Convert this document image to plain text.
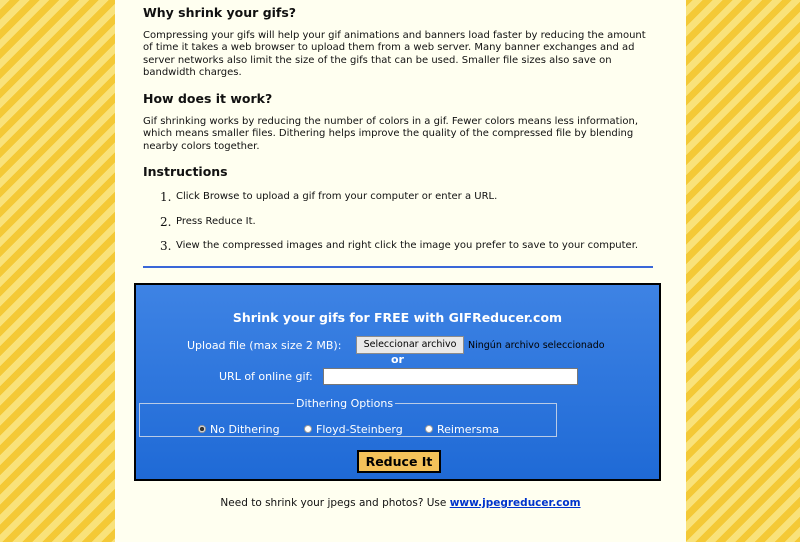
Why shrink your gifs?

Compressing your gifs will help your gif animations and banners load faster by reducing the amount of time it takes a web browser to upload them from a web server. Many banner exchanges and ad server networks also limit the size of the gifs that can be used. Smaller file sizes also save on bandwidth charges.

How does it work?

Gif shrinking works by reducing the number of colors in a gif. Fewer colors means less information, which means smaller files. Dithering helps improve the quality of the compressed file by blending nearby colors together.

Instructions
1. Click Browse to upload a gif from your computer or enter a URL.
2. Press Reduce It.
3. View the compressed images and right click the image you prefer to save to your computer.
Shrink your gifs for FREE with GIFReducer.com
Upload file (max size 2 MB):	Seleccionar archivo	Ningún archivo seleccionado
or
URL of online gif:
Dithering Options
No Dithering	Floyd-Steinberg	Reimersma
Reduce It
Need to shrink your jpegs and photos? Use www.jpegreducer.com
